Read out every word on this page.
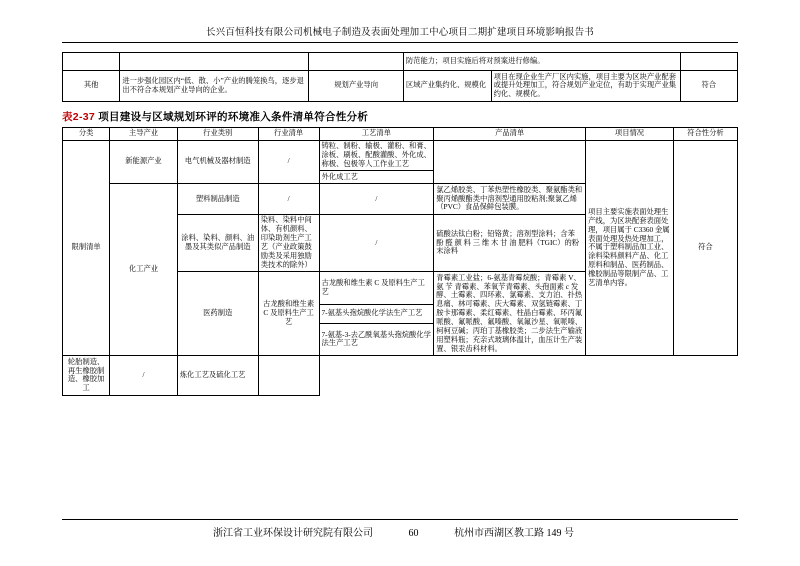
长兴百恒科技有限公司机械电子制造及表面处理加工中心项目二期扩建项目环境影响报告书
			防范能力；项目实施后将对预案进行修编。		
其他	进一步强化园区内“低、散、小”产业的腾笼换鸟，逐步退出不符合本规划产业导向的企业。	规划产业导向	区域产业集约化、规模化	项目在现企业生产厂区内实施，项目主要为区块产业配套或提升处理加工，符合规划产业定位，有助于实现产业集约化、规模化。	符合
表2-37 项目建设与区域规划环评的环境准入条件清单符合性分析
分类	主导产业	行业类别	行业清单	工艺清单	产品清单	项目情况	符合性分析
限制清单	新能源产业	电气机械及器材制造	/	铸粒、制粉、输极、灌粉、和膏、涂板、刷板、配酸灌酸、外化成、称极、包极等人工作业工艺		项目主要实施表面处理生产线，为区块配套表面处理，项目属于 C3360 金属表面处理及热处理加工，不属于塑料制品加工业、涂料染料颜料产品、化工原料和制品、医药制品、橡胶制品等限制产品、工艺清单内容。	符合
				外化成工艺			
	化工产业	塑料制品制造	/	/	氯乙烯胶类、丁苯热塑性橡胶类、聚氨酯类和聚丙烯酸酯类中溶剂型通用胶粘剂;聚氯乙烯（PVC）食品保鲜包装膜。		
		涂料、染料、颜料、油墨及其类似产品制造	染料、染料中间体、有机颜料、印染助剂生产工艺（产业政策鼓励类及采用独励类技术的除外）	/	硫酸法钛白粉；铅铬黄；溶剂型涂料；含苯 酚 醛 颜 料 三 维 木 甘 油 肥料（TGIC）的粉末涂料		
		医药制造	古龙酸和维生素 C 及原料生产工艺	古龙酸和维生素 C 及原料生产工艺	青霉素工业盐；6-氨基青霉烷酸；青霉素 V、氨 苄 青霉素、苯氧苄青霉素、头孢面素 c 发酵、土霉素、四环素、氯霉素、支力泊、扑热息痛、林可霉素、庆大霉素、双氢链霉素、丁胺卡那霉素、柔红霉素、柱晶白霉素、环丙氟哌酸、氟哌酸、氟嗪酸、氧氟沙星、氧哌嗪、柯柯豆碱；丙珀丁基橡胶类；二步法生产输液用塑料瓶；充亲式玻璃体温计，血压计生产装置、银汞齿科材料。		
				7-氨基头孢烷酸化学法生产工艺			
				7-氨基-3-去乙酰氧基头孢烷酸化学法生产工艺			
轮胎制造、再生橡胶制造、橡胶加工	/	炼化工艺及硫化工艺					
浙江省工业环保设计研究院有限公司	60	杭州市西湖区教工路 149 号
